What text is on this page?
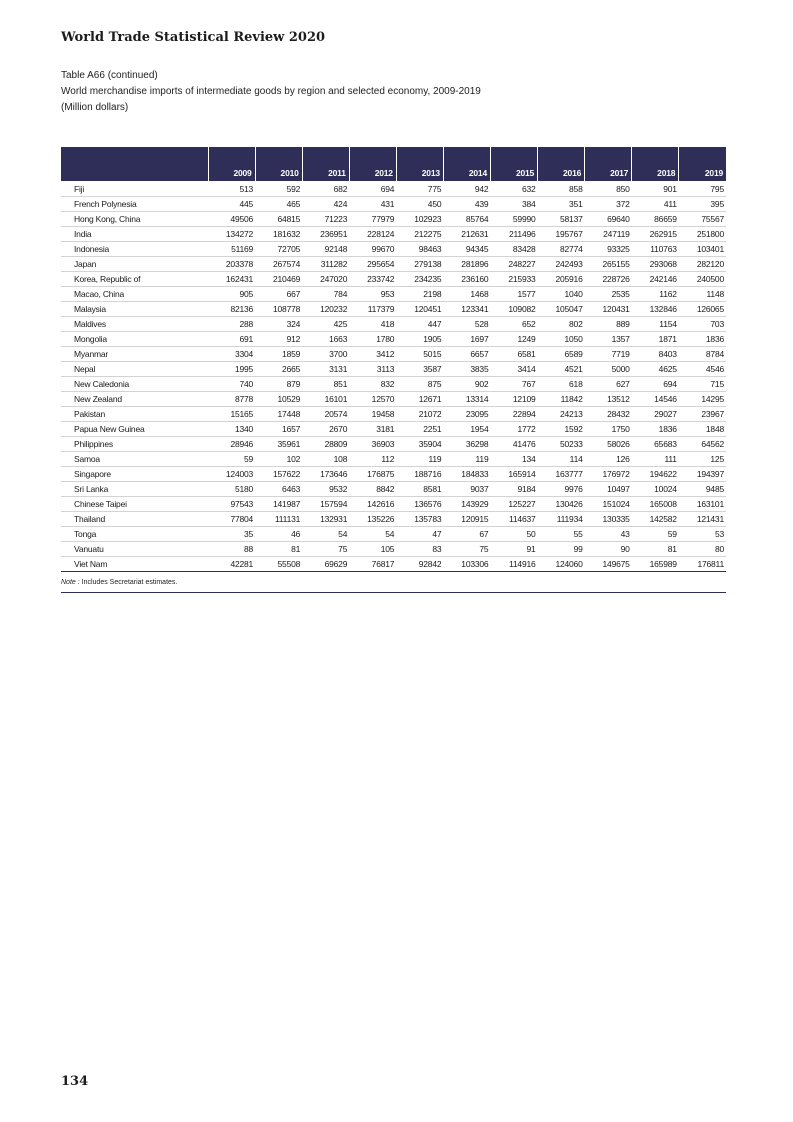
World Trade Statistical Review 2020
Table A66 (continued)
World merchandise imports of intermediate goods by region and selected economy, 2009-2019
(Million dollars)
	2009	2010	2011	2012	2013	2014	2015	2016	2017	2018	2019
Fiji	513	592	682	694	775	942	632	858	850	901	795
French Polynesia	445	465	424	431	450	439	384	351	372	411	395
Hong Kong, China	49506	64815	71223	77979	102923	85764	59990	58137	69640	86659	75567
India	134272	181632	236951	228124	212275	212631	211496	195767	247119	262915	251800
Indonesia	51169	72705	92148	99670	98463	94345	83428	82774	93325	110763	103401
Japan	203378	267574	311282	295654	279138	281896	248227	242493	265155	293068	282120
Korea, Republic of	162431	210469	247020	233742	234235	236160	215933	205916	228726	242146	240500
Macao, China	905	667	784	953	2198	1468	1577	1040	2535	1162	1148
Malaysia	82136	108778	120232	117379	120451	123341	109082	105047	120431	132846	126065
Maldives	288	324	425	418	447	528	652	802	889	1154	703
Mongolia	691	912	1663	1780	1905	1697	1249	1050	1357	1871	1836
Myanmar	3304	1859	3700	3412	5015	6657	6581	6589	7719	8403	8784
Nepal	1995	2665	3131	3113	3587	3835	3414	4521	5000	4625	4546
New Caledonia	740	879	851	832	875	902	767	618	627	694	715
New Zealand	8778	10529	16101	12570	12671	13314	12109	11842	13512	14546	14295
Pakistan	15165	17448	20574	19458	21072	23095	22894	24213	28432	29027	23967
Papua New Guinea	1340	1657	2670	3181	2251	1954	1772	1592	1750	1836	1848
Philippines	28946	35961	28809	36903	35904	36298	41476	50233	58026	65683	64562
Samoa	59	102	108	112	119	119	134	114	126	111	125
Singapore	124003	157622	173646	176875	188716	184833	165914	163777	176972	194622	194397
Sri Lanka	5180	6463	9532	8842	8581	9037	9184	9976	10497	10024	9485
Chinese Taipei	97543	141987	157594	142616	136576	143929	125227	130426	151024	165008	163101
Thailand	77804	111131	132931	135226	135783	120915	114637	111934	130335	142582	121431
Tonga	35	46	54	54	47	67	50	55	43	59	53
Vanuatu	88	81	75	105	83	75	91	99	90	81	80
Viet Nam	42281	55508	69629	76817	92842	103306	114916	124060	149675	165989	176811
Note : Includes Secretariat estimates.
134
